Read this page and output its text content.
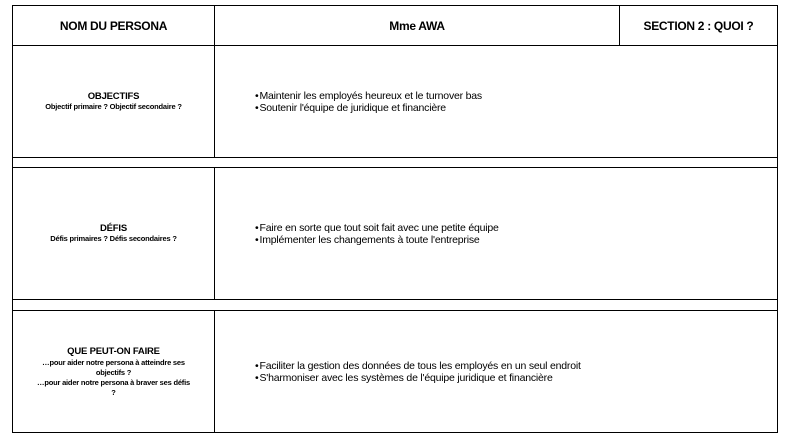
NOM DU PERSONA	Mme AWA	SECTION 2 : QUOI ?
OBJECTIFS
Objectif primaire ? Objectif secondaire ?
•Maintenir les employés heureux et le turnover bas
•Soutenir l'équipe de juridique et financière
DÉFIS
Défis primaires ? Défis secondaires ?
•Faire en sorte que tout soit fait avec une petite équipe
•Implémenter les changements à toute l'entreprise
QUE PEUT-ON FAIRE
…pour aider notre persona à atteindre ses
objectifs ?
…pour aider notre persona à braver ses défis
?
•Faciliter la gestion des données de tous les employés en un seul endroit
•S'harmoniser avec les systèmes de l'équipe juridique et financière
